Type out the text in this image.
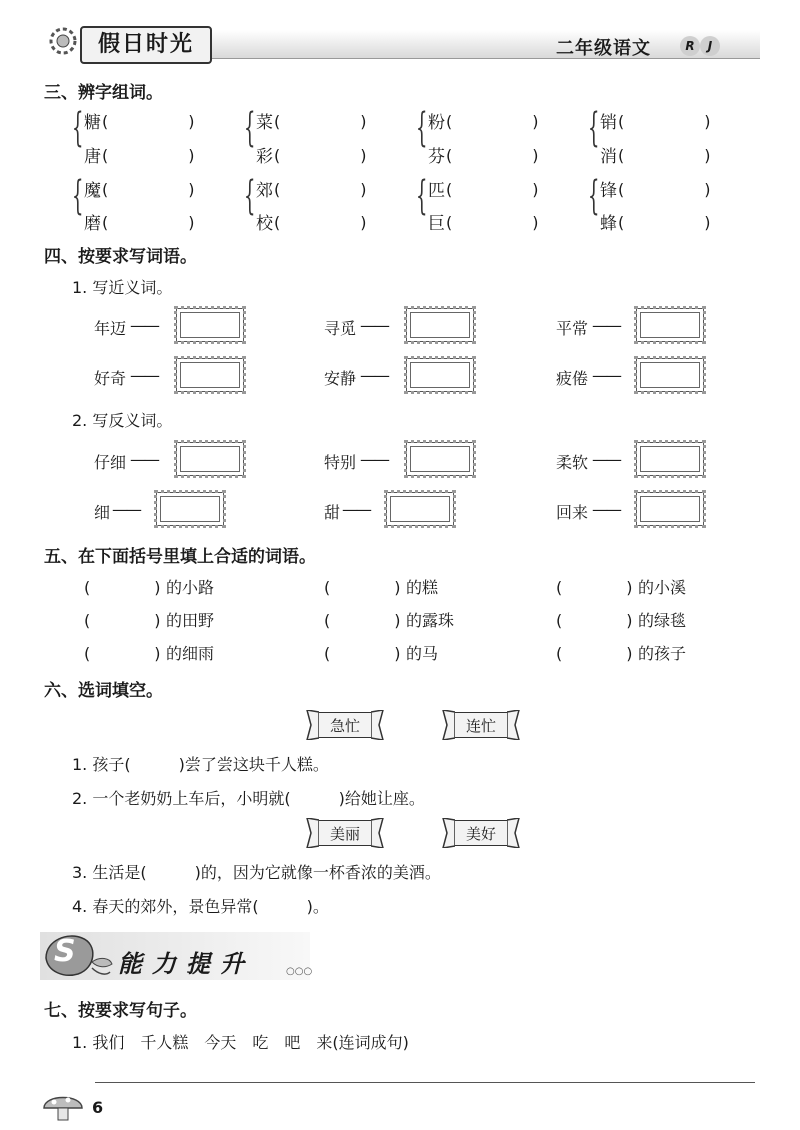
假日时光	二年级语文	R	J
三、辨字组词。
{ 糖 (　　　　　)
唐 (　　　　　)
{ 菜 (　　　　　)
彩 (　　　　　)
{ 粉 (　　　　　)
芬 (　　　　　)
{ 销 (　　　　　)
消 (　　　　　)
{ 魔 (　　　　　)
磨 (　　　　　)
{ 郊 (　　　　　)
校 (　　　　　)
{ 匹 (　　　　　)
巨 (　　　　　)
{ 锋 (　　　　　)
蜂 (　　　　　)
四、按要求写词语。
1. 写近义词。
年迈 ——	寻觅 ——	平常 ——
好奇 ——	安静 ——	疲倦 ——
2. 写反义词。
仔细 ——	特别 ——	柔软 ——
细 ——	甜 ——	回来 ——
五、在下面括号里填上合适的词语。
(　　　　) 的小路	(　　　　) 的糕	(　　　　) 的小溪
(　　　　) 的田野	(　　　　) 的露珠	(　　　　) 的绿毯
(　　　　) 的细雨	(　　　　) 的马	(　　　　) 的孩子
六、选词填空。
急忙	连忙
1. 孩子(　　　)尝了尝这块千人糕。
2. 一个老奶奶上车后，小明就(　　　)给她让座。
美丽	美好
3. 生活是(　　　)的，因为它就像一杯香浓的美酒。
4. 春天的郊外，景色异常(　　　)。
S 能力提升	○○○
七、按要求写句子。
1. 我们　千人糕　今天　吃　吧　来(连词成句)
6
